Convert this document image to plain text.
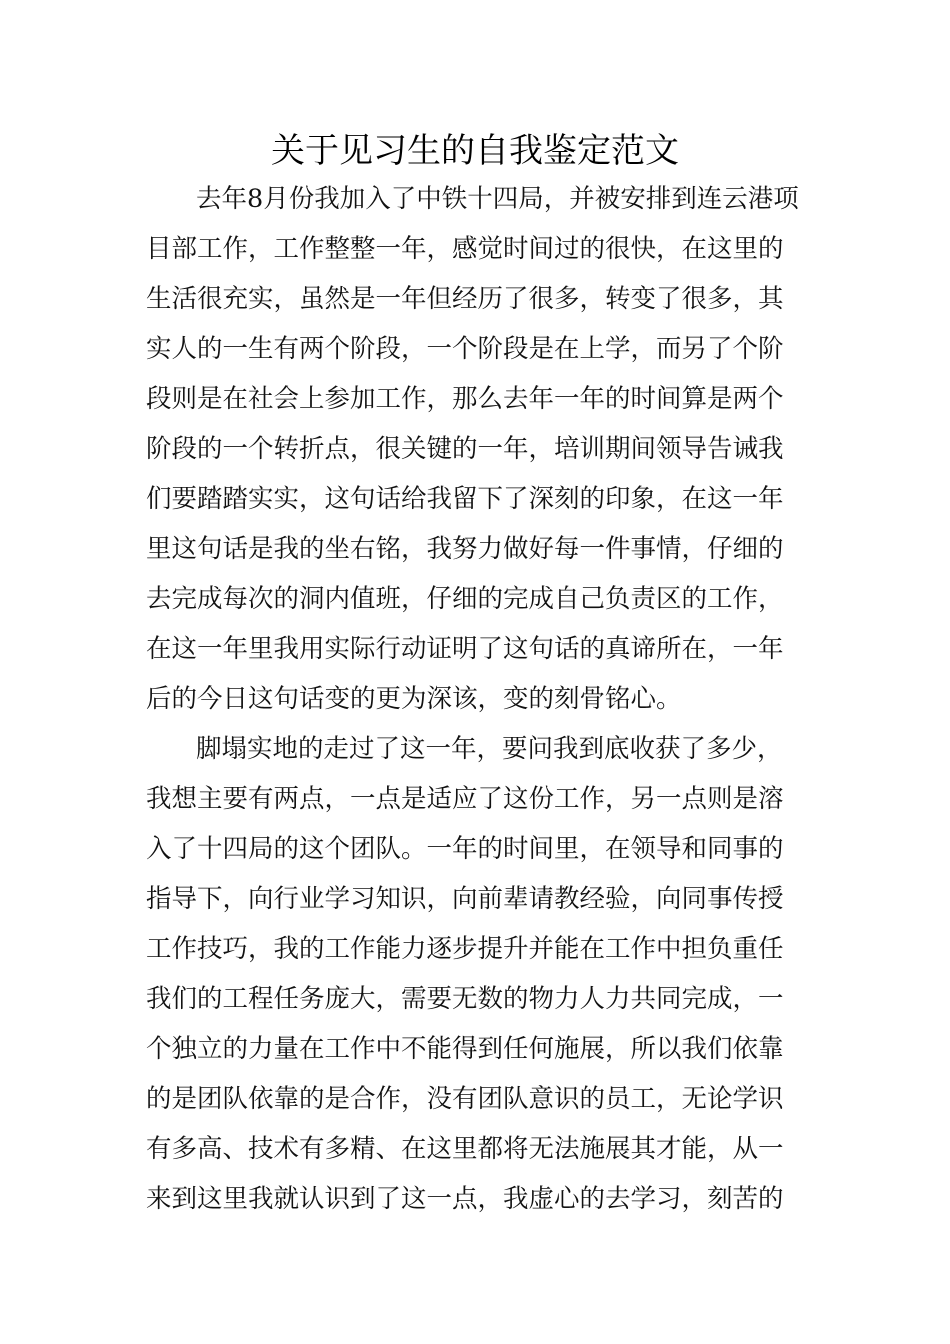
关于见习生的自我鉴定范文
去年8月份我加入了中铁十四局，并被安排到连云港项
目部工作，工作整整一年，感觉时间过的很快，在这里的
生活很充实，虽然是一年但经历了很多，转变了很多，其
实人的一生有两个阶段，一个阶段是在上学，而另了个阶
段则是在社会上参加工作，那么去年一年的时间算是两个
阶段的一个转折点，很关键的一年，培训期间领导告诫我
们要踏踏实实，这句话给我留下了深刻的印象，在这一年
里这句话是我的坐右铭，我努力做好每一件事情，仔细的
去完成每次的洞内值班，仔细的完成自己负责区的工作，
在这一年里我用实际行动证明了这句话的真谛所在，一年
后的今日这句话变的更为深该，变的刻骨铭心。
脚塌实地的走过了这一年，要问我到底收获了多少，
我想主要有两点，一点是适应了这份工作，另一点则是溶
入了十四局的这个团队。一年的时间里，在领导和同事的
指导下，向行业学习知识，向前辈请教经验，向同事传授
工作技巧，我的工作能力逐步提升并能在工作中担负重任
我们的工程任务庞大，需要无数的物力人力共同完成，一
个独立的力量在工作中不能得到任何施展，所以我们依靠
的是团队依靠的是合作，没有团队意识的员工，无论学识
有多高、技术有多精、在这里都将无法施展其才能，从一
来到这里我就认识到了这一点，我虚心的去学习，刻苦的
